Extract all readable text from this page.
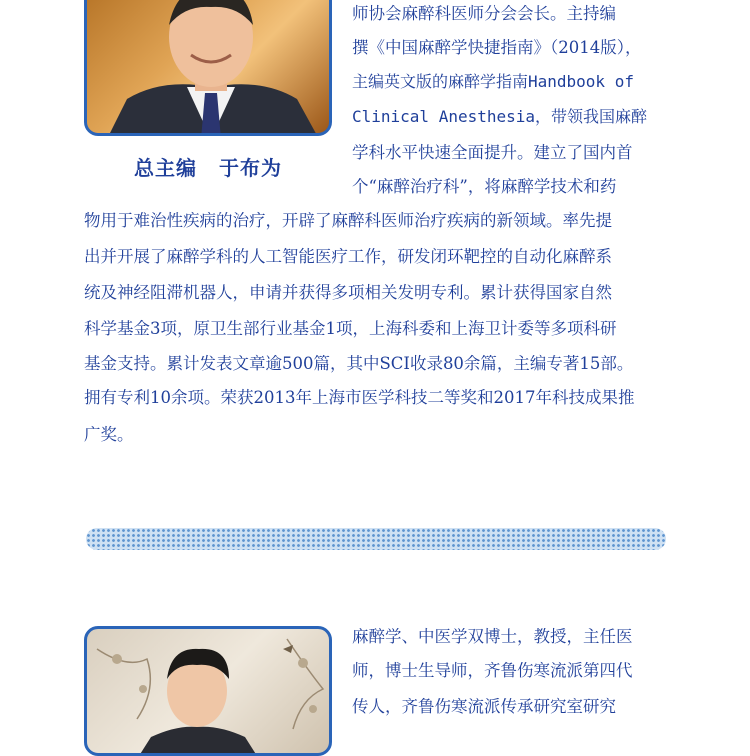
总主编 于布为
师协会麻醉科医师分会会长。主持编
撰《中国麻醉学快捷指南》（2014版），
主编英文版的麻醉学指南Handbook of
Clinical Anesthesia，带领我国麻醉
学科水平快速全面提升。建立了国内首
个“麻醉治疗科”，将麻醉学技术和药
物用于难治性疾病的治疗，开辟了麻醉科医师治疗疾病的新领域。率先提
出并开展了麻醉学科的人工智能医疗工作，研发闭环靶控的自动化麻醉系
统及神经阻滞机器人，申请并获得多项相关发明专利。累计获得国家自然
科学基金3项，原卫生部行业基金1项，上海科委和上海卫计委等多项科研
基金支持。累计发表文章逾500篇，其中SCI收录80余篇，主编专著15部。
拥有专利10余项。荣获2013年上海市医学科技二等奖和2017年科技成果推
广奖。
麻醉学、中医学双博士，教授，主任医
师，博士生导师，齐鲁伤寒流派第四代
传人，齐鲁伤寒流派传承研究室研究
